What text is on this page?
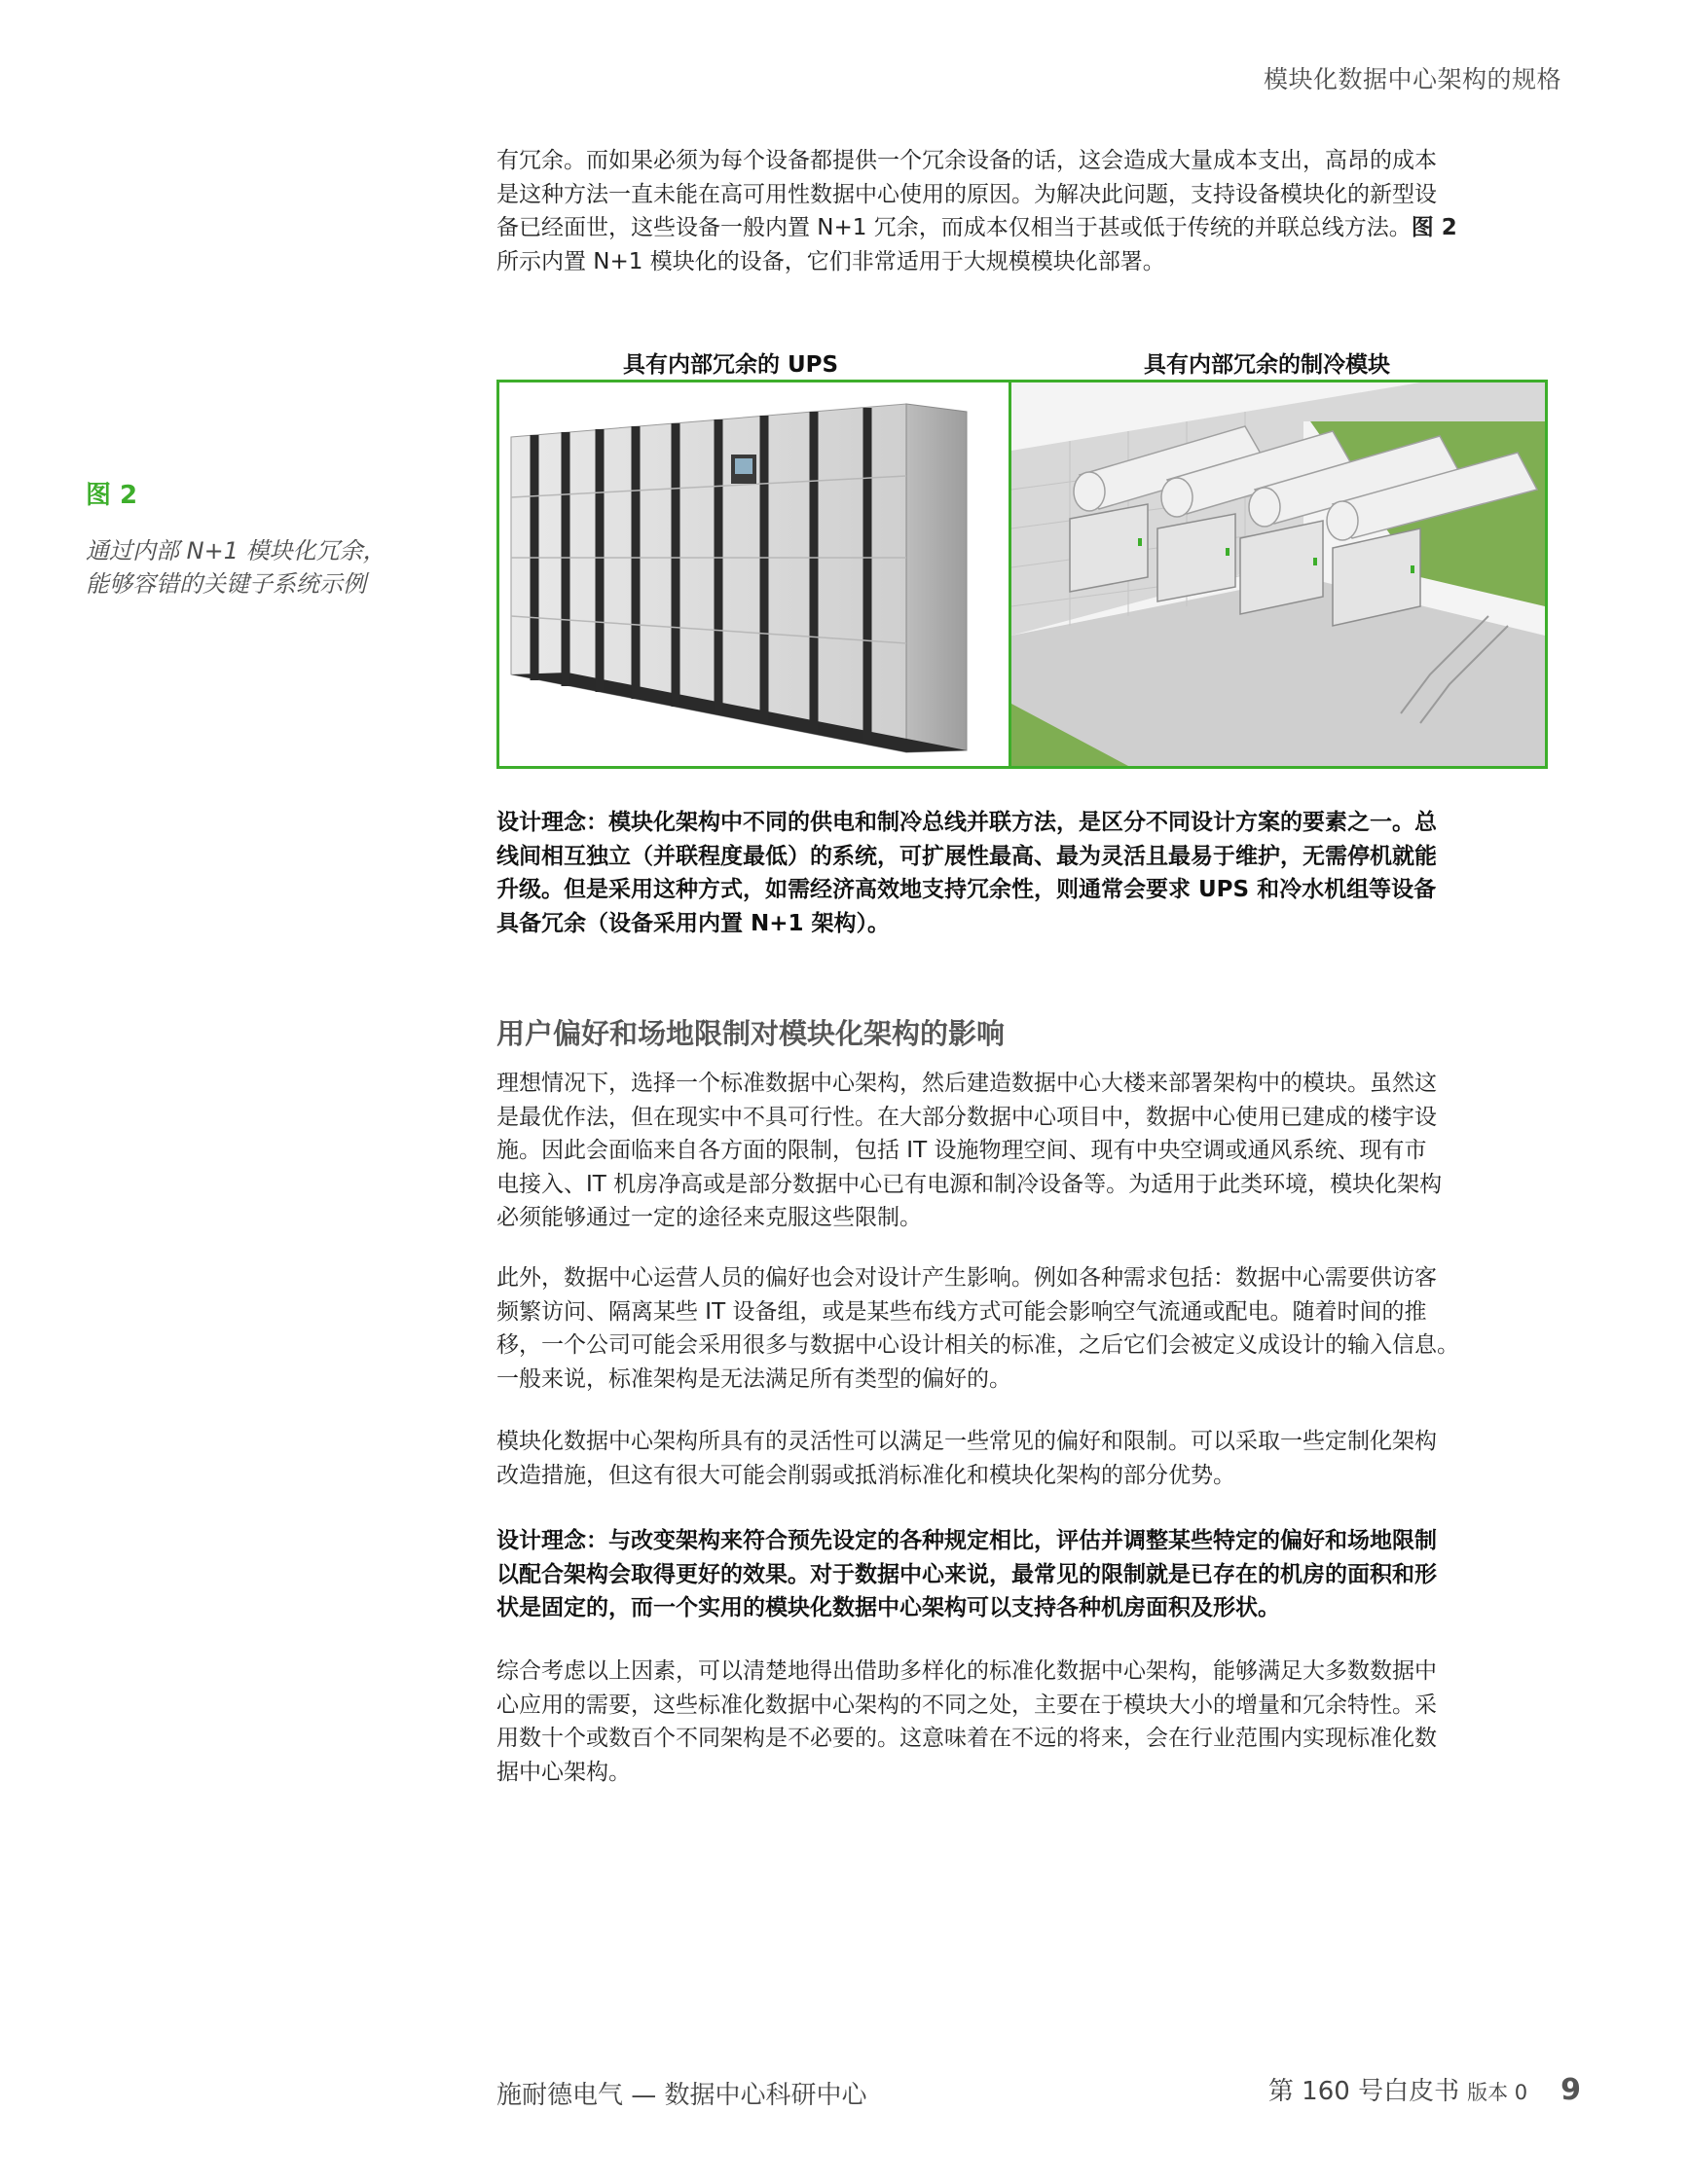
模块化数据中心架构的规格
图 2
通过内部 N+1 模块化冗余，
能够容错的关键子系统示例

有冗余。而如果必须为每个设备都提供一个冗余设备的话，这会造成大量成本支出，高昂的成本

是这种方法一直未能在高可用性数据中心使用的原因。为解决此问题，支持设备模块化的新型设

备已经面世，这些设备一般内置 N+1 冗余，而成本仅相当于甚或低于传统的并联总线方法。图 2

所示内置 N+1 模块化的设备，它们非常适用于大规模模块化部署。

具有内部冗余的 UPS	具有内部冗余的制冷模块

设计理念：模块化架构中不同的供电和制冷总线并联方法，是区分不同设计方案的要素之一。总

线间相互独立（并联程度最低）的系统，可扩展性最高、最为灵活且最易于维护，无需停机就能

升级。但是采用这种方式，如需经济高效地支持冗余性，则通常会要求 UPS 和冷水机组等设备

具备冗余（设备采用内置 N+1 架构）。

用户偏好和场地限制对模块化架构的影响

理想情况下，选择一个标准数据中心架构，然后建造数据中心大楼来部署架构中的模块。虽然这

是最优作法，但在现实中不具可行性。在大部分数据中心项目中，数据中心使用已建成的楼宇设

施。因此会面临来自各方面的限制，包括 IT 设施物理空间、现有中央空调或通风系统、现有市

电接入、IT 机房净高或是部分数据中心已有电源和制冷设备等。为适用于此类环境，模块化架构

必须能够通过一定的途径来克服这些限制。

此外，数据中心运营人员的偏好也会对设计产生影响。例如各种需求包括：数据中心需要供访客

频繁访问、隔离某些 IT 设备组，或是某些布线方式可能会影响空气流通或配电。随着时间的推

移，一个公司可能会采用很多与数据中心设计相关的标准，之后它们会被定义成设计的输入信息。

一般来说，标准架构是无法满足所有类型的偏好的。

模块化数据中心架构所具有的灵活性可以满足一些常见的偏好和限制。可以采取一些定制化架构

改造措施，但这有很大可能会削弱或抵消标准化和模块化架构的部分优势。

设计理念：与改变架构来符合预先设定的各种规定相比，评估并调整某些特定的偏好和场地限制

以配合架构会取得更好的效果。对于数据中心来说，最常见的限制就是已存在的机房的面积和形

状是固定的，而一个实用的模块化数据中心架构可以支持各种机房面积及形状。

综合考虑以上因素，可以清楚地得出借助多样化的标准化数据中心架构，能够满足大多数数据中

心应用的需要，这些标准化数据中心架构的不同之处，主要在于模块大小的增量和冗余特性。采

用数十个或数百个不同架构是不必要的。这意味着在不远的将来，会在行业范围内实现标准化数

据中心架构。

施耐德电气 — 数据中心科研中心	第 160 号白皮书 版本 0 9
